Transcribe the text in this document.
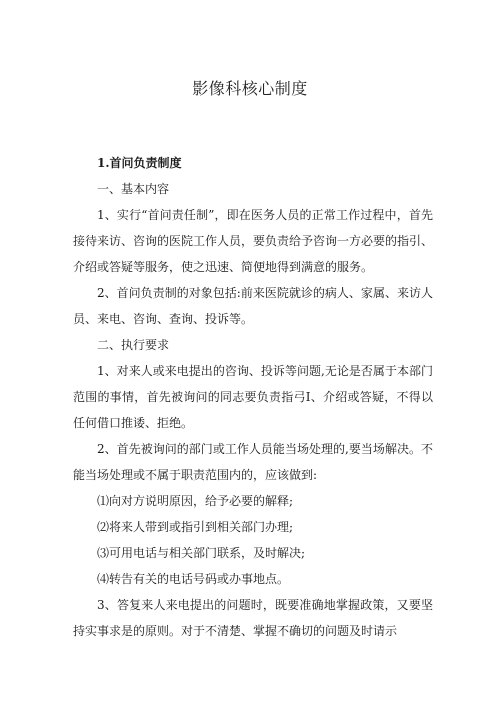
影像科核心制度

1.首问负责制度

一、基本内容

1、实行“首问责任制”，即在医务人员的正常工作过程中，首先接待来访、咨询的医院工作人员，要负责给予咨询一方必要的指引、介绍或答疑等服务，使之迅速、简便地得到满意的服务。

2、首问负责制的对象包括:前来医院就诊的病人、家属、来访人员、来电、咨询、查询、投诉等。

二、执行要求

1、对来人或来电提出的咨询、投诉等问题,无论是否属于本部门范围的事情，首先被询问的同志要负责指弓I、介绍或答疑，不得以任何借口推诿、拒绝。

2、首先被询问的部门或工作人员能当场处理的,要当场解决。不能当场处理或不属于职责范围内的，应该做到:

⑴向对方说明原因，给予必要的解释;

⑵将来人带到或指引到相关部门办理;

⑶可用电话与相关部门联系，及时解决;

⑷转告有关的电话号码或办事地点。

3、答复来人来电提出的问题时，既要准确地掌握政策，又要坚持实事求是的原则。对于不清楚、掌握不确切的问题及时请示
